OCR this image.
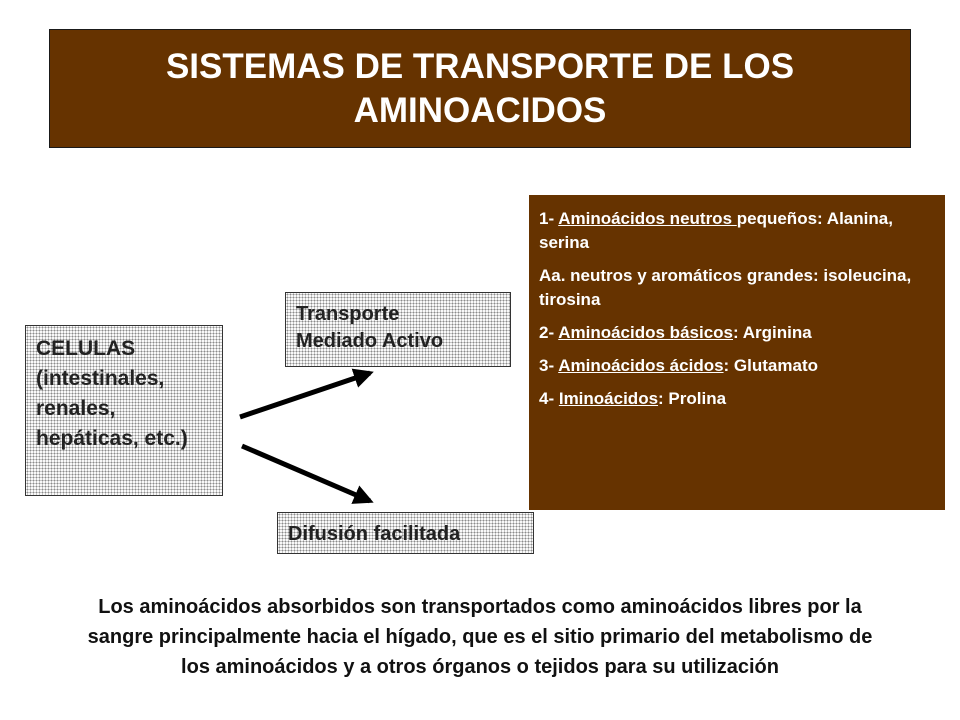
SISTEMAS DE TRANSPORTE DE LOS
AMINOACIDOS
CELULAS
(intestinales,
renales,
hepáticas, etc.)
Transporte
Mediado Activo
Difusión facilitada

1- Aminoácidos neutros pequeños: Alanina, serina

Aa. neutros y aromáticos grandes: isoleucina, tirosina

2- Aminoácidos básicos: Arginina

3- Aminoácidos ácidos: Glutamato

4- Iminoácidos: Prolina

Los aminoácidos absorbidos son transportados como aminoácidos libres por la
sangre principalmente hacia el hígado, que es el sitio primario del metabolismo de
los aminoácidos y a otros órganos o tejidos para su utilización
